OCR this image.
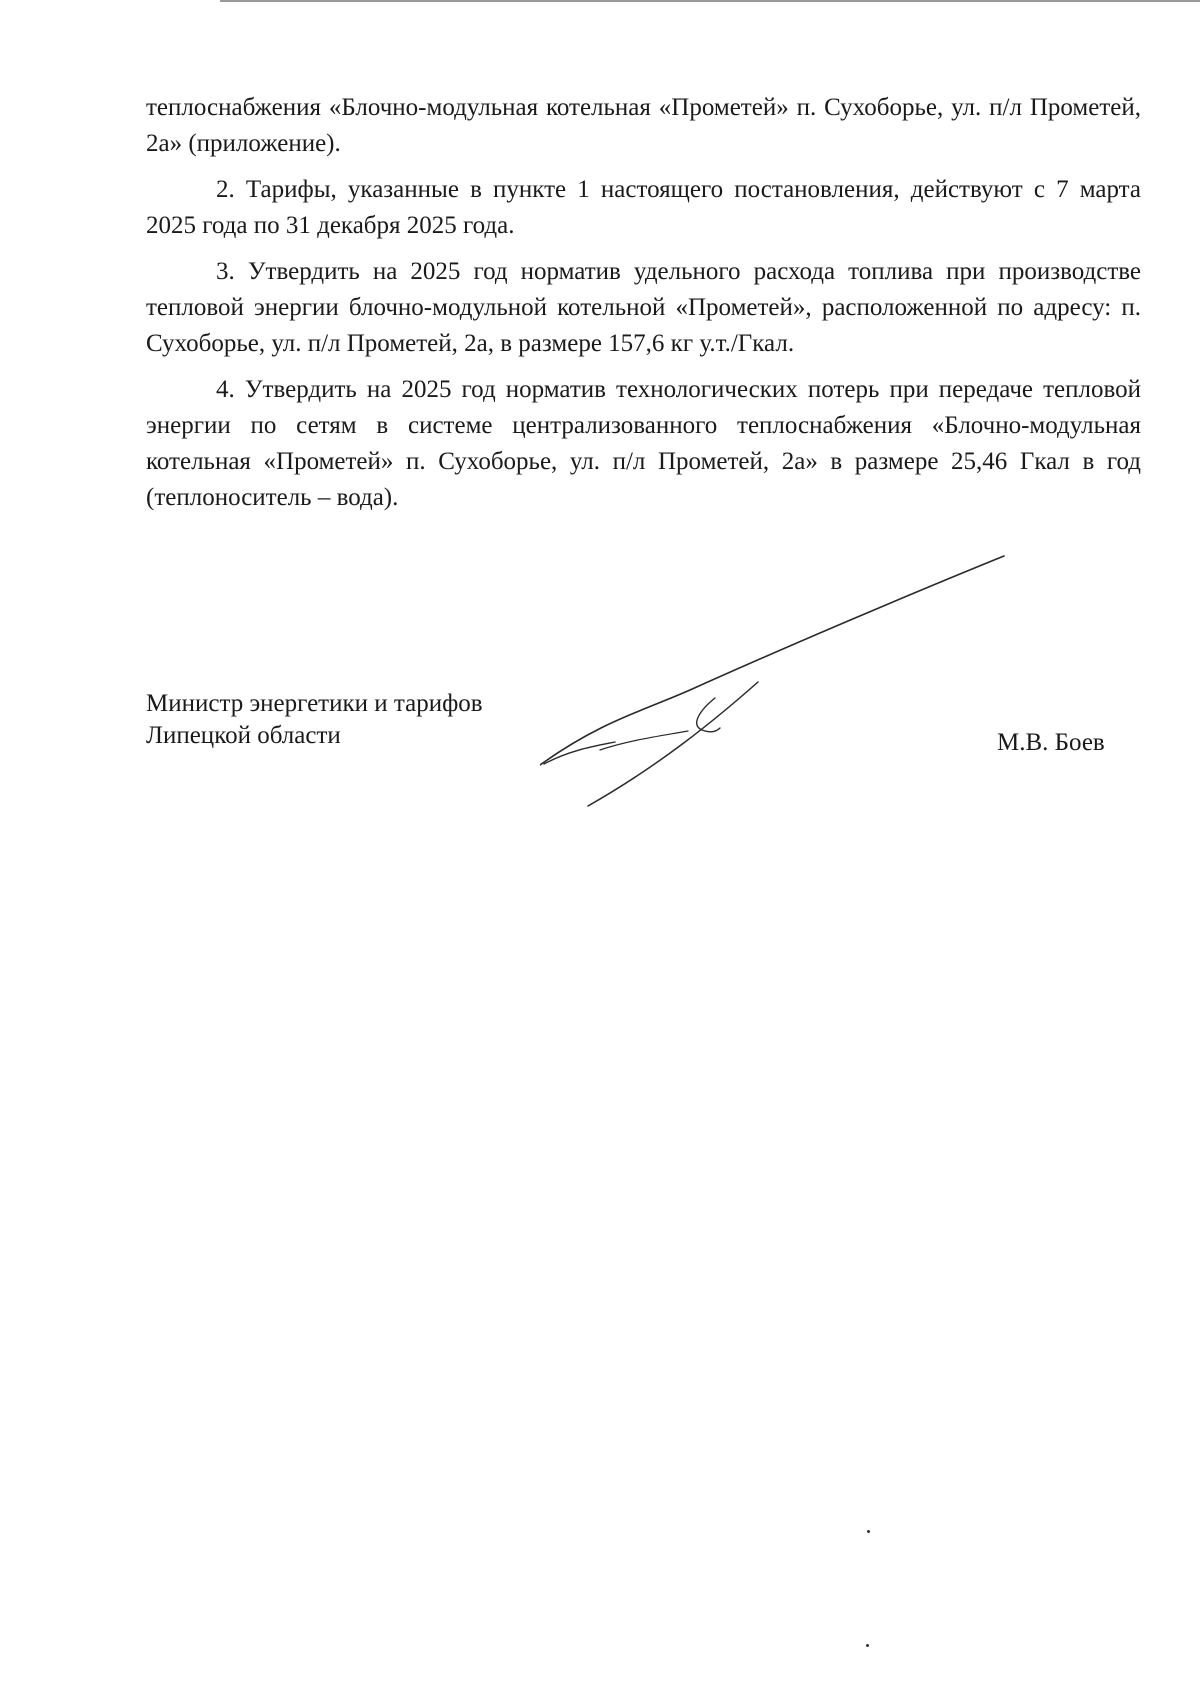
теплоснабжения «Блочно-модульная котельная «Прометей» п. Сухоборье, ул. п/л Прометей, 2а» (приложение).

2. Тарифы, указанные в пункте 1 настоящего постановления, действуют с 7 марта 2025 года по 31 декабря 2025 года.

3. Утвердить на 2025 год норматив удельного расхода топлива при производстве тепловой энергии блочно-модульной котельной «Прометей», расположенной по адресу: п. Сухоборье, ул. п/л Прометей, 2а, в размере 157,6 кг у.т./Гкал.

4. Утвердить на 2025 год норматив технологических потерь при передаче тепловой энергии по сетям в системе централизованного теплоснабжения «Блочно-модульная котельная «Прометей» п. Сухоборье, ул. п/л Прометей, 2а» в размере 25,46 Гкал в год (теплоноситель – вода).

Министр энергетики и тарифов
Липецкой области	М.В. Боев
